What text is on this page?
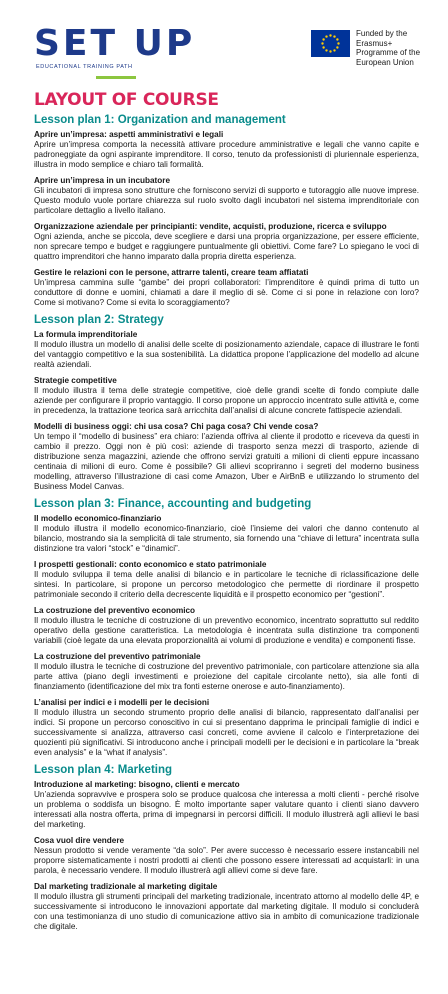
SET UP
EDUCATIONAL TRAINING PATH
Funded by the Erasmus+ Programme of the European Union
LAYOUT OF COURSE
Lesson plan 1: Organization and management
Aprire un’impresa: aspetti amministrativi e legali
Aprire un’impresa comporta la necessità attivare procedure amministrative e legali che vanno capite e padroneggiate da ogni aspirante imprenditore. Il corso, tenuto da professionisti di pluriennale esperienza, illustra in modo semplice e chiaro tali formalità.
Aprire un’impresa in un incubatore
Gli incubatori di impresa sono strutture che forniscono servizi di supporto e tutoraggio alle nuove imprese. Questo modulo vuole portare chiarezza sul ruolo svolto dagli incubatori nel sistema imprenditoriale con particolare dettaglio a livello italiano.
Organizzazione aziendale per principianti: vendite, acquisti, produzione, ricerca e sviluppo
Ogni azienda, anche se piccola, deve scegliere e darsi una propria organizzazione, per essere efficiente, non sprecare tempo e budget e raggiungere puntualmente gli obiettivi. Come fare? Lo spiegano le voci di quattro imprenditori che hanno imparato dalla propria diretta esperienza.
Gestire le relazioni con le persone, attrarre talenti, creare team affiatati
Un’impresa cammina sulle “gambe” dei propri collaboratori: l’imprenditore è quindi prima di tutto un conduttore di donne e uomini, chiamati a dare il meglio di sè. Come ci si pone in relazione con loro? Come si motivano? Come si evita lo scoraggiamento?
Lesson plan 2: Strategy
La formula imprenditoriale
Il modulo illustra un modello di analisi delle scelte di posizionamento aziendale, capace di illustrare le fonti del vantaggio competitivo e la sua sostenibilità. La didattica propone l’applicazione del modello ad alcune realtà aziendali.
Strategie competitive
Il modulo illustra il tema delle strategie competitive, cioè delle grandi scelte di fondo compiute dalle aziende per configurare il proprio vantaggio. Il corso propone un approccio incentrato sulle attività e, come in precedenza, la trattazione teorica sarà arricchita dall’analisi di alcune concrete fattispecie aziendali.
Modelli di business oggi: chi usa cosa? Chi paga cosa? Chi vende cosa?
Un tempo il “modello di business” era chiaro: l’azienda offriva al cliente il prodotto e riceveva da questi in cambio il prezzo. Oggi non è più così: aziende di trasporto senza mezzi di trasporto, aziende di distribuzione senza magazzini, aziende che offrono servizi gratuiti a milioni di clienti eppure incassano centinaia di milioni di euro. Come è possibile? Gli allievi scopriranno i segreti del moderno business modelling, attraverso l’illustrazione di casi come Amazon, Uber e AirBnB e utilizzando lo strumento del Business Model Canvas.
Lesson plan 3: Finance, accounting and budgeting
Il modello economico-finanziario
Il modulo illustra il modello economico-finanziario, cioè l’insieme dei valori che danno contenuto al bilancio, mostrando sia la semplicità di tale strumento, sia fornendo una “chiave di lettura” incentrata sulla distinzione tra valori “stock” e “dinamici”.
I prospetti gestionali: conto economico e stato patrimoniale
Il modulo sviluppa il tema delle analisi di bilancio e in particolare le tecniche di riclassificazione delle sintesi. In particolare, si propone un percorso metodologico che permette di riordinare il prospetto patrimoniale secondo il criterio della decrescente liquidità e il prospetto economico per “gestioni”.
La costruzione del preventivo economico
Il modulo illustra le tecniche di costruzione di un preventivo economico, incentrato soprattutto sul reddito operativo della gestione caratteristica. La metodologia è incentrata sulla distinzione tra componenti variabili (cioè legate da una elevata proporzionalità ai volumi di produzione e vendita) e componenti fisse.
La costruzione del preventivo patrimoniale
Il modulo illustra le tecniche di costruzione del preventivo patrimoniale, con particolare attenzione sia alla parte attiva (piano degli investimenti e proiezione del capitale circolante netto), sia alle fonti di finanziamento (identificazione del mix tra fonti esterne onerose e auto-finanziamento).
L’analisi per indici e i modelli per le decisioni
Il modulo illustra un secondo strumento proprio delle analisi di bilancio, rappresentato dall’analisi per indici. Si propone un percorso conoscitivo in cui si presentano dapprima le principali famiglie di indici e successivamente si analizza, attraverso casi concreti, come avviene il calcolo e l’interpretazione dei quozienti più significativi. Si introducono anche i principali modelli per le decisioni e in particolare la “break even analysis” e la “what if analysis”.
Lesson plan 4: Marketing
Introduzione al marketing: bisogno, clienti e mercato
Un’azienda sopravvive e prospera solo se produce qualcosa che interessa a molti clienti - perché risolve un problema o soddisfa un bisogno. È molto importante saper valutare quanto i clienti siano davvero interessati alla nostra offerta, prima di impegnarsi in percorsi difficili. Il modulo illustrerà agli allievi le basi del marketing.
Cosa vuol dire vendere
Nessun prodotto si vende veramente “da solo”. Per avere successo è necessario essere instancabili nel proporre sistematicamente i nostri prodotti ai clienti che possono essere interessati ad acquistarli: in una parola, è necessario vendere. Il modulo illustrerà agli allievi come si deve fare.
Dal marketing tradizionale al marketing digitale
Il modulo illustra gli strumenti principali del marketing tradizionale, incentrato attorno al modello delle 4P, e successivamente si introducono le innovazioni apportate dal marketing digitale. Il modulo si concluderà con una testimonianza di uno studio di comunicazione attivo sia in ambito di comunicazione tradizionale che digitale.
